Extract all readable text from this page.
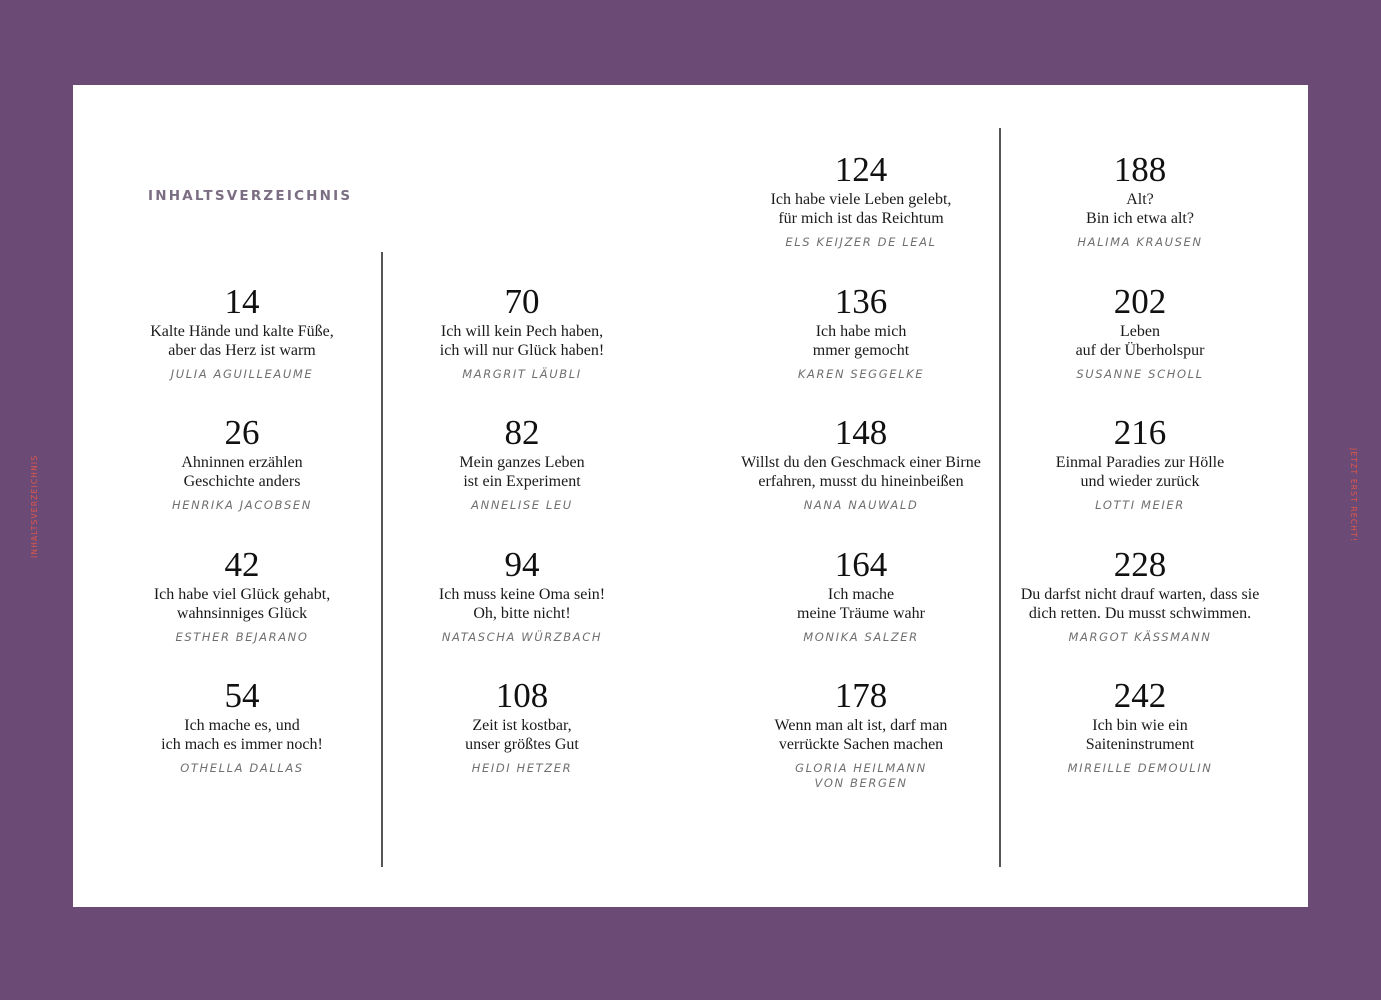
INHALTSVERZEICHNIS
INHALTSVERZEICHNIS	JETZT ERST RECHT!
14
Kalte Hände und kalte Füße,
aber das Herz ist warm
JULIA AGUILLEAUME
26
Ahninnen erzählen
Geschichte anders
HENRIKA JACOBSEN
42
Ich habe viel Glück gehabt,
wahnsinniges Glück
ESTHER BEJARANO
54
Ich mache es, und
ich mach es immer noch!
OTHELLA DALLAS
70
Ich will kein Pech haben,
ich will nur Glück haben!
MARGRIT LÄUBLI
82
Mein ganzes Leben
ist ein Experiment
ANNELISE LEU
94
Ich muss keine Oma sein!
Oh, bitte nicht!
NATASCHA WÜRZBACH
108
Zeit ist kostbar,
unser größtes Gut
HEIDI HETZER
124
Ich habe viele Leben gelebt,
für mich ist das Reichtum
ELS KEIJZER DE LEAL
136
Ich habe mich
mmer gemocht
KAREN SEGGELKE
148
Willst du den Geschmack einer Birne
erfahren, musst du hineinbeißen
NANA NAUWALD
164
Ich mache
meine Träume wahr
MONIKA SALZER
178
Wenn man alt ist, darf man
verrückte Sachen machen
GLORIA HEILMANN
VON BERGEN
188
Alt?
Bin ich etwa alt?
HALIMA KRAUSEN
202
Leben
auf der Überholspur
SUSANNE SCHOLL
216
Einmal Paradies zur Hölle
und wieder zurück
LOTTI MEIER
228
Du darfst nicht drauf warten, dass sie
dich retten. Du musst schwimmen.
MARGOT KÄSSMANN
242
Ich bin wie ein
Saiteninstrument
MIREILLE DEMOULIN
